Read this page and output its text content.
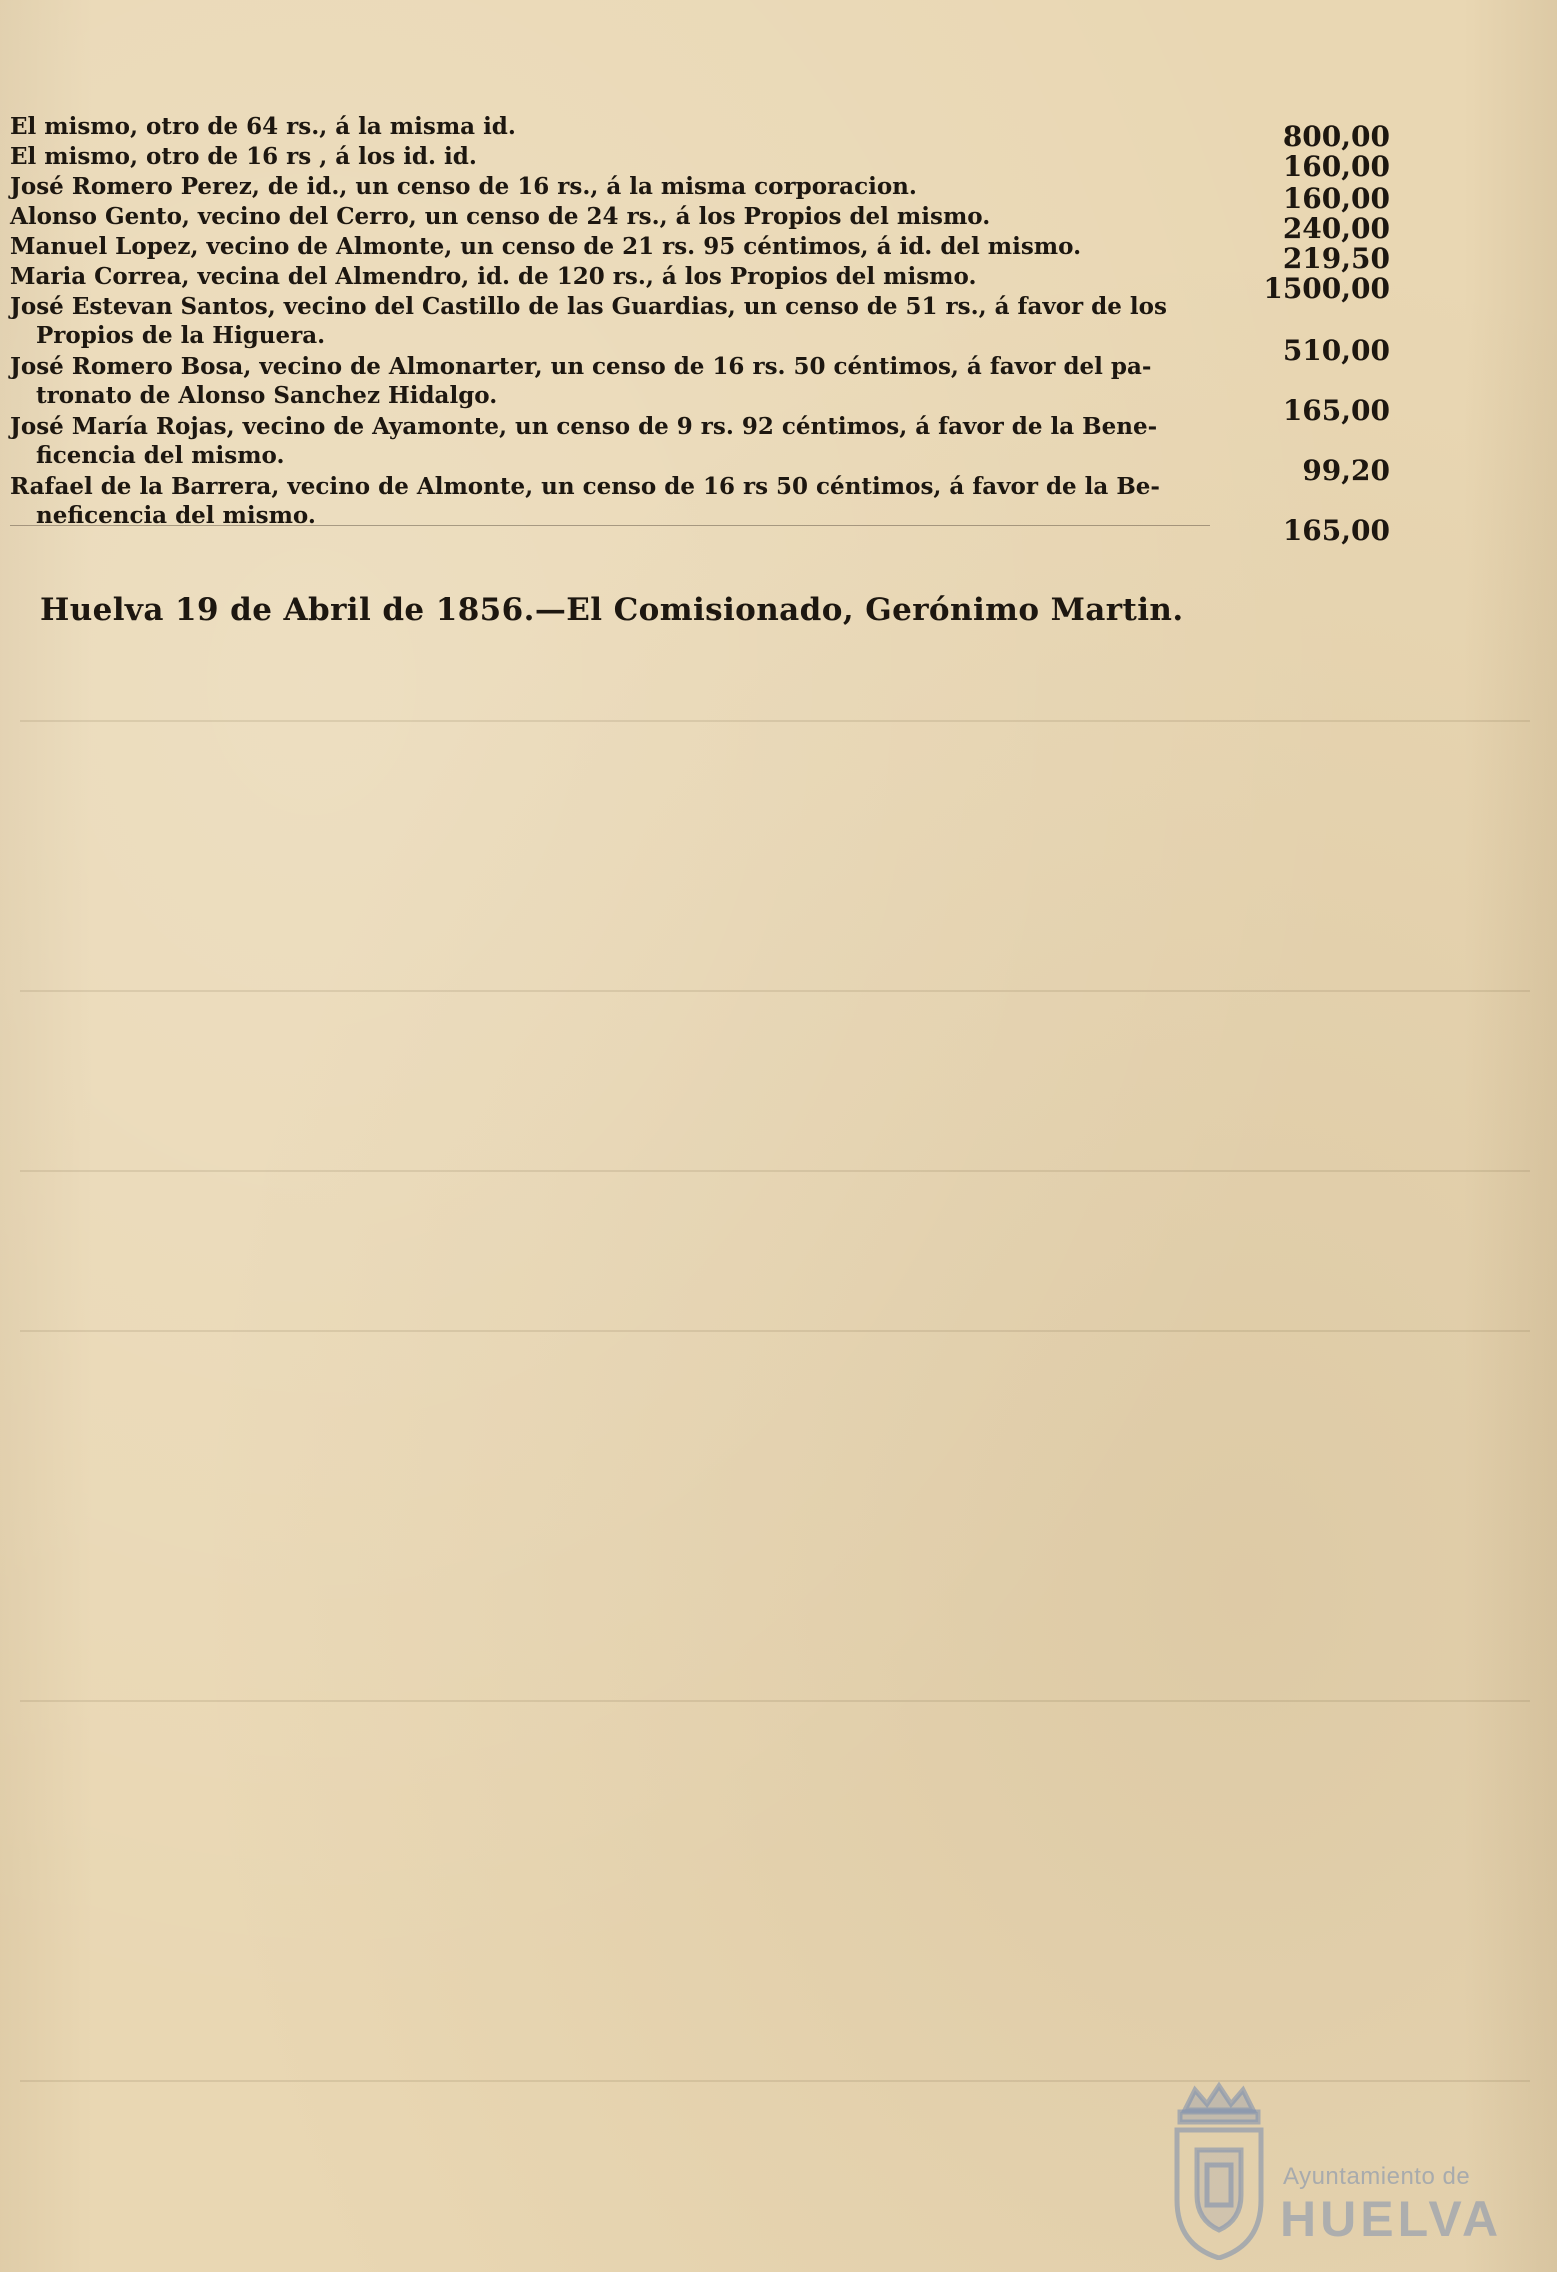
El mismo, otro de 64 rs., á la misma id.	800,00
El mismo, otro de 16 rs , á los id. id.	160,00
José Romero Perez, de id., un censo de 16 rs., á la misma corporacion.	160,00
Alonso Gento, vecino del Cerro, un censo de 24 rs., á los Propios del mismo.	240,00
Manuel Lopez, vecino de Almonte, un censo de 21 rs. 95 céntimos, á id. del mismo.	219,50
Maria Correa, vecina del Almendro, id. de 120 rs., á los Propios del mismo.	1500,00
José Estevan Santos, vecino del Castillo de las Guardias, un censo de 51 rs., á favor de los
Propios de la Higuera.	510,00
José Romero Bosa, vecino de Almonarter, un censo de 16 rs. 50 céntimos, á favor del pa-
tronato de Alonso Sanchez Hidalgo.	165,00
José María Rojas, vecino de Ayamonte, un censo de 9 rs. 92 céntimos, á favor de la Bene-
ficencia del mismo.	99,20
Rafael de la Barrera, vecino de Almonte, un censo de 16 rs 50 céntimos, á favor de la Be-
neficencia del mismo.	165,00
Huelva 19 de Abril de 1856.—El Comisionado, Gerónimo Martin.
Ayuntamiento de
HUELVA
